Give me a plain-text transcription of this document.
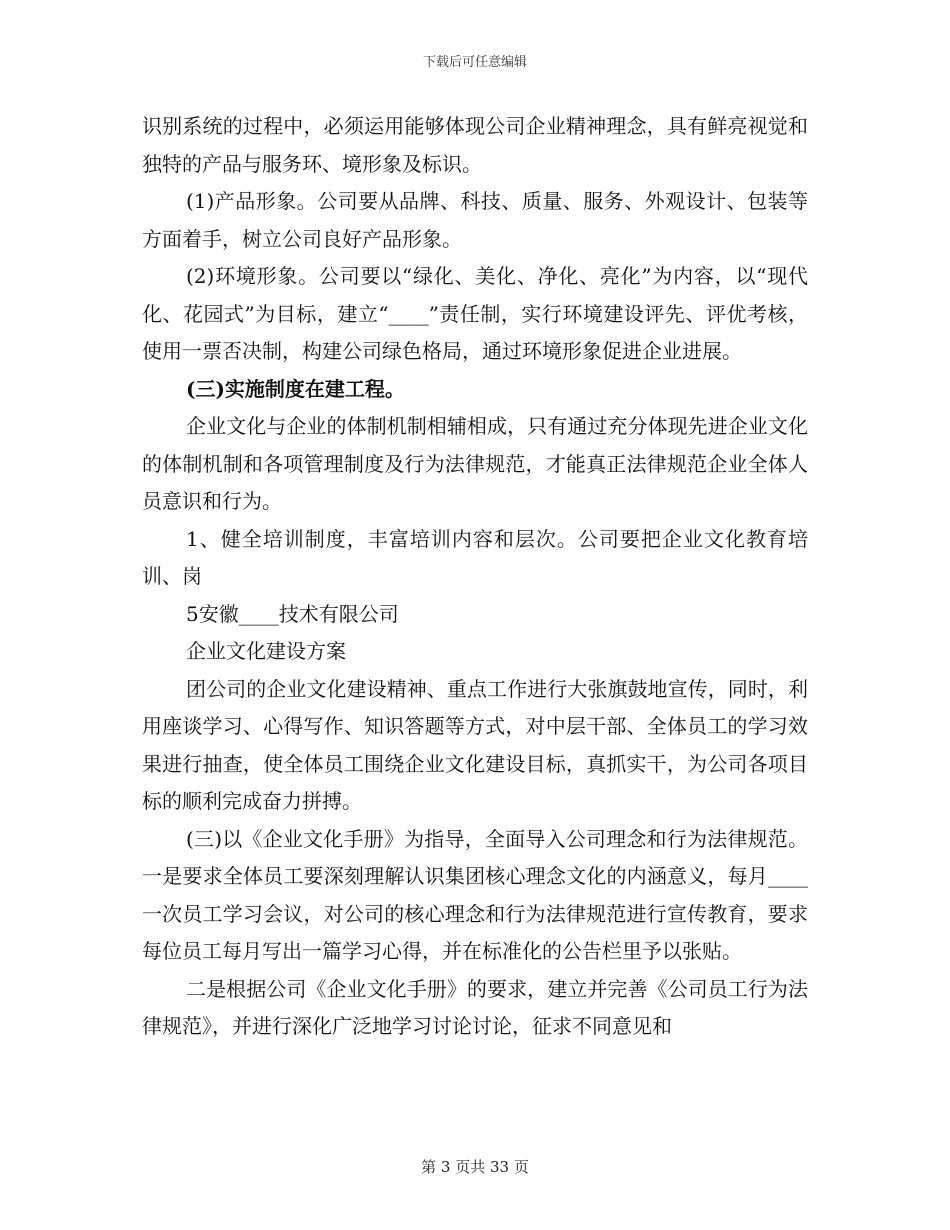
下载后可任意编辑

识别系统的过程中，必须运用能够体现公司企业精神理念，具有鲜亮视觉和独特的产品与服务环、境形象及标识。

(1)产品形象。公司要从品牌、科技、质量、服务、外观设计、包装等方面着手，树立公司良好产品形象。

(2)环境形象。公司要以“绿化、美化、净化、亮化”为内容，以“现代化、花园式”为目标，建立“____”责任制，实行环境建设评先、评优考核，使用一票否决制，构建公司绿色格局，通过环境形象促进企业进展。

(三)实施制度在建工程。

企业文化与企业的体制机制相辅相成，只有通过充分体现先进企业文化的体制机制和各项管理制度及行为法律规范，才能真正法律规范企业全体人员意识和行为。

1、健全培训制度，丰富培训内容和层次。公司要把企业文化教育培训、岗

5安徽____技术有限公司

企业文化建设方案

团公司的企业文化建设精神、重点工作进行大张旗鼓地宣传，同时，利用座谈学习、心得写作、知识答题等方式，对中层干部、全体员工的学习效果进行抽查，使全体员工围绕企业文化建设目标，真抓实干，为公司各项目标的顺利完成奋力拼搏。

(三)以《企业文化手册》为指导，全面导入公司理念和行为法律规范。一是要求全体员工要深刻理解认识集团核心理念文化的内涵意义，每月____一次员工学习会议，对公司的核心理念和行为法律规范进行宣传教育，要求每位员工每月写出一篇学习心得，并在标准化的公告栏里予以张贴。

二是根据公司《企业文化手册》的要求，建立并完善《公司员工行为法律规范》，并进行深化广泛地学习讨论讨论，征求不同意见和

第 3 页共 33 页
